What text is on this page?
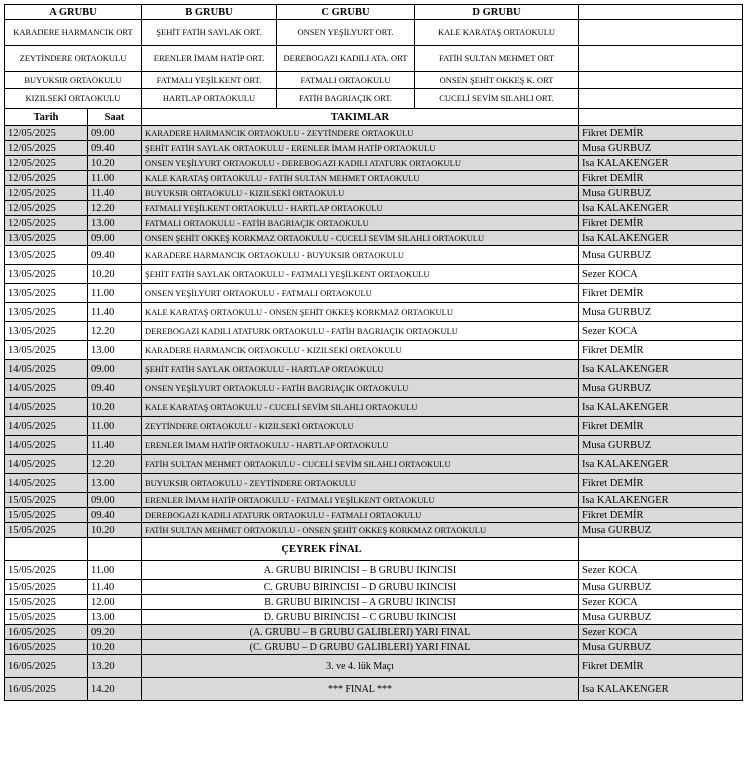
A GRUBU	B GRUBU	C GRUBU	D GRUBU	
KARADERE HARMANCIK ORT	ŞEHİT FATİH SAYLAK ORT.	ONSEN YEŞİLYURT ORT.	KALE KARATAŞ ORTAOKULU	
ZEYTİNDERE ORTAOKULU	ERENLER İMAM HATİP ORT.	DEREBOGAZI KADILI ATA. ORT	FATİH SULTAN MEHMET ORT	
BUYUKSIR ORTAOKULU	FATMALI YEŞİLKENT ORT.	FATMALI ORTAOKULU	ONSEN ŞEHİT OKKEŞ K. ORT	
KIZILSEKİ ORTAOKULU	HARTLAP ORTAOKULU	FATİH BAGRIAÇIK ORT.	CUCELİ SEVİM SILAHLI ORT.	
Tarih	Saat	TAKIMLAR	
12/05/2025	09.00	KARADERE HARMANCIK ORTAOKULU - ZEYTİNDERE ORTAOKULU	Fikret DEMİR
12/05/2025	09.40	ŞEHİT FATİH SAYLAK ORTAOKULU - ERENLER İMAM HATİP ORTAOKULU	Musa GURBUZ
12/05/2025	10.20	ONSEN YEŞİLYURT ORTAOKULU - DEREBOGAZI KADILI ATATURK ORTAOKULU	Isa KALAKENGER
12/05/2025	11.00	KALE KARATAŞ ORTAOKULU - FATİH SULTAN MEHMET ORTAOKULU	Fikret DEMİR
12/05/2025	11.40	BUYUKSIR ORTAOKULU - KIZILSEKİ ORTAOKULU	Musa GURBUZ
12/05/2025	12.20	FATMALI YEŞİLKENT ORTAOKULU - HARTLAP ORTAOKULU	Isa KALAKENGER
12/05/2025	13.00	FATMALI ORTAOKULU - FATİH BAGRIAÇIK ORTAOKULU	Fikret DEMİR
13/05/2025	09.00	ONSEN ŞEHİT OKKEŞ KORKMAZ ORTAOKULU - CUCELİ SEVİM SILAHLI ORTAOKULU	Isa KALAKENGER
13/05/2025	09.40	KARADERE HARMANCIK ORTAOKULU - BUYUKSIR ORTAOKULU	Musa GURBUZ
13/05/2025	10.20	ŞEHİT FATİH SAYLAK ORTAOKULU - FATMALI YEŞİLKENT ORTAOKULU	Sezer KOCA
13/05/2025	11.00	ONSEN YEŞİLYURT ORTAOKULU - FATMALI ORTAOKULU	Fikret DEMİR
13/05/2025	11.40	KALE KARATAŞ ORTAOKULU - ONSEN ŞEHİT OKKEŞ KORKMAZ ORTAOKULU	Musa GURBUZ
13/05/2025	12.20	DEREBOGAZI KADILI ATATURK ORTAOKULU - FATİH BAGRIAÇIK ORTAOKULU	Sezer KOCA
13/05/2025	13.00	KARADERE HARMANCIK ORTAOKULU - KIZILSEKİ ORTAOKULU	Fikret DEMİR
14/05/2025	09.00	ŞEHİT FATİH SAYLAK ORTAOKULU - HARTLAP ORTAOKULU	Isa KALAKENGER
14/05/2025	09.40	ONSEN YEŞİLYURT ORTAOKULU - FATİH BAGRIAÇIK ORTAOKULU	Musa GURBUZ
14/05/2025	10.20	KALE KARATAŞ ORTAOKULU - CUCELİ SEVİM SILAHLI ORTAOKULU	Isa KALAKENGER
14/05/2025	11.00	ZEYTİNDERE ORTAOKULU - KIZILSEKİ ORTAOKULU	Fikret DEMİR
14/05/2025	11.40	ERENLER İMAM HATİP ORTAOKULU - HARTLAP ORTAOKULU	Musa GURBUZ
14/05/2025	12.20	FATİH SULTAN MEHMET ORTAOKULU - CUCELİ SEVİM SILAHLI ORTAOKULU	Isa KALAKENGER
14/05/2025	13.00	BUYUKSIR ORTAOKULU - ZEYTİNDERE ORTAOKULU	Fikret DEMİR
15/05/2025	09.00	ERENLER İMAM HATİP ORTAOKULU - FATMALI YEŞİLKENT ORTAOKULU	Isa KALAKENGER
15/05/2025	09.40	DEREBOGAZI KADILI ATATURK ORTAOKULU - FATMALI ORTAOKULU	Fikret DEMİR
15/05/2025	10.20	FATİH SULTAN MEHMET ORTAOKULU - ONSEN ŞEHİT OKKEŞ KORKMAZ ORTAOKULU	Musa GURBUZ
		ÇEYREK FİNAL	
15/05/2025	11.00	A. GRUBU BIRINCISI – B GRUBU IKINCISI	Sezer KOCA
15/05/2025	11.40	C. GRUBU BIRINCISI – D GRUBU IKINCISI	Musa GURBUZ
15/05/2025	12.00	B. GRUBU BIRINCISI – A GRUBU IKINCISI	Sezer KOCA
15/05/2025	13.00	D. GRUBU BIRINCISI – C GRUBU IKINCISI	Musa GURBUZ
16/05/2025	09.20	(A. GRUBU – B GRUBU GALIBLERI) YARI FINAL	Sezer KOCA
16/05/2025	10.20	(C. GRUBU – D GRUBU GALIBLERI) YARI FINAL	Musa GURBUZ
16/05/2025	13.20	3. ve 4. lük Maçı	Fikret DEMİR
16/05/2025	14.20	*** FINAL ***	Isa KALAKENGER
